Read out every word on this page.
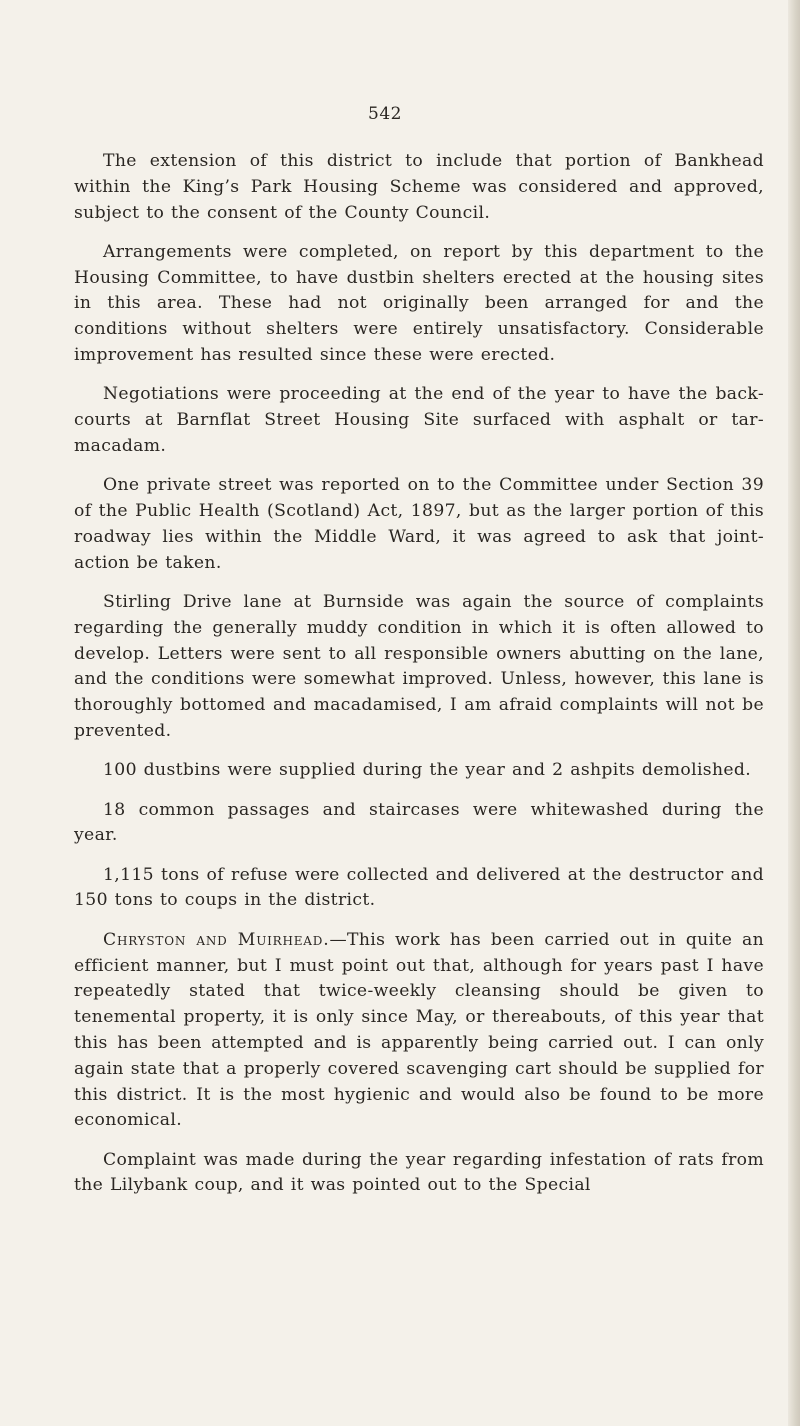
542

The extension of this district to include that portion of Bankhead within the King’s Park Housing Scheme was considered and approved, subject to the consent of the County Council.

Arrangements were completed, on report by this department to the Housing Committee, to have dustbin shelters erected at the housing sites in this area. These had not originally been arranged for and the conditions without shelters were entirely unsatisfactory. Considerable improvement has resulted since these were erected.

Negotiations were proceeding at the end of the year to have the back-courts at Barnflat Street Housing Site surfaced with asphalt or tar-macadam.

One private street was reported on to the Committee under Section 39 of the Public Health (Scotland) Act, 1897, but as the larger portion of this roadway lies within the Middle Ward, it was agreed to ask that joint-action be taken.

Stirling Drive lane at Burnside was again the source of complaints regarding the generally muddy condition in which it is often allowed to develop. Letters were sent to all responsible owners abutting on the lane, and the conditions were somewhat improved. Unless, however, this lane is thoroughly bottomed and macadamised, I am afraid complaints will not be prevented.

100 dustbins were supplied during the year and 2 ashpits demolished.

18 common passages and staircases were whitewashed during the year.

1,115 tons of refuse were collected and delivered at the destructor and 150 tons to coups in the district.

Chryston and Muirhead.—This work has been carried out in quite an efficient manner, but I must point out that, although for years past I have repeatedly stated that twice-weekly cleansing should be given to tenemental property, it is only since May, or thereabouts, of this year that this has been attempted and is apparently being carried out. I can only again state that a properly covered scavenging cart should be supplied for this district. It is the most hygienic and would also be found to be more economical.

Complaint was made during the year regarding infestation of rats from the Lilybank coup, and it was pointed out to the Special
